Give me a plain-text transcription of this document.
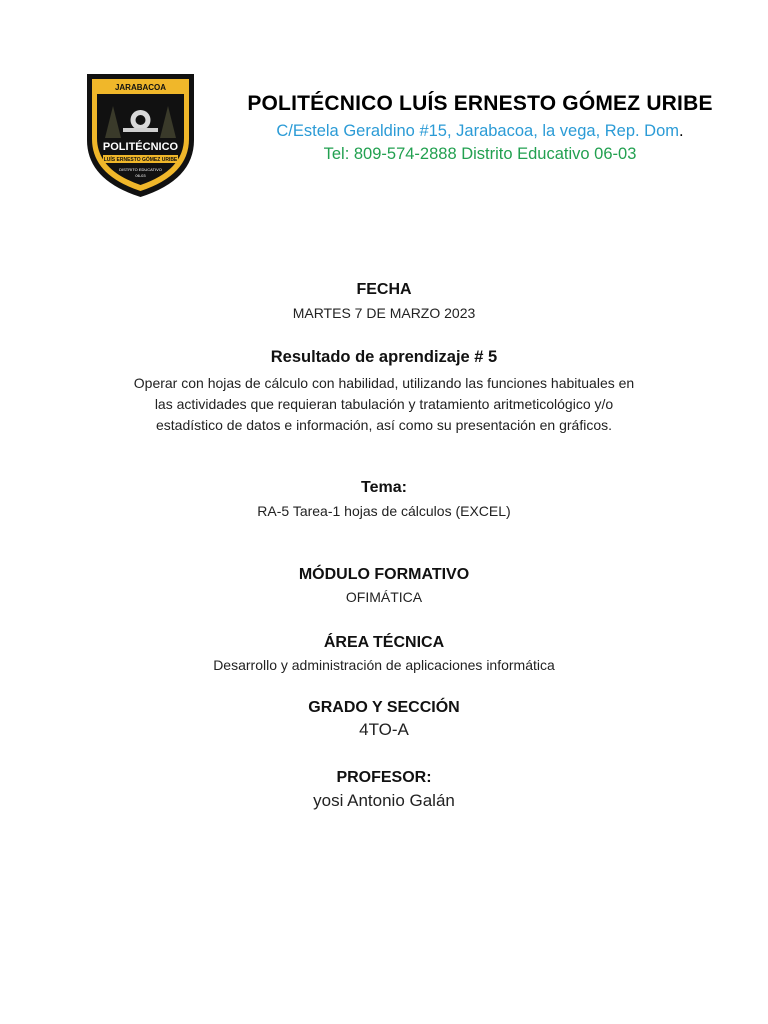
JARABACOA
POLITÉCNICO
LUÍS ERNESTO GÓMEZ URIBE
DISTRITO EDUCATIVO
06-03
POLITÉCNICO LUÍS ERNESTO GÓMEZ URIBE
C/Estela Geraldino #15, Jarabacoa, la vega, Rep. Dom.
Tel: 809-574-2888 Distrito Educativo 06-03
FECHA
MARTES 7 DE MARZO 2023
Resultado de aprendizaje # 5
Operar con hojas de cálculo con habilidad, utilizando las funciones habituales en las actividades que requieran tabulación y tratamiento aritmeticológico y/o estadístico de datos e información, así como su presentación en gráficos.
Tema:
RA-5 Tarea-1 hojas de cálculos (EXCEL)
MÓDULO FORMATIVO
OFIMÁTICA
ÁREA TÉCNICA
Desarrollo y administración de aplicaciones informática
GRADO Y SECCIÓN
4TO-A
PROFESOR:
yosi Antonio Galán
